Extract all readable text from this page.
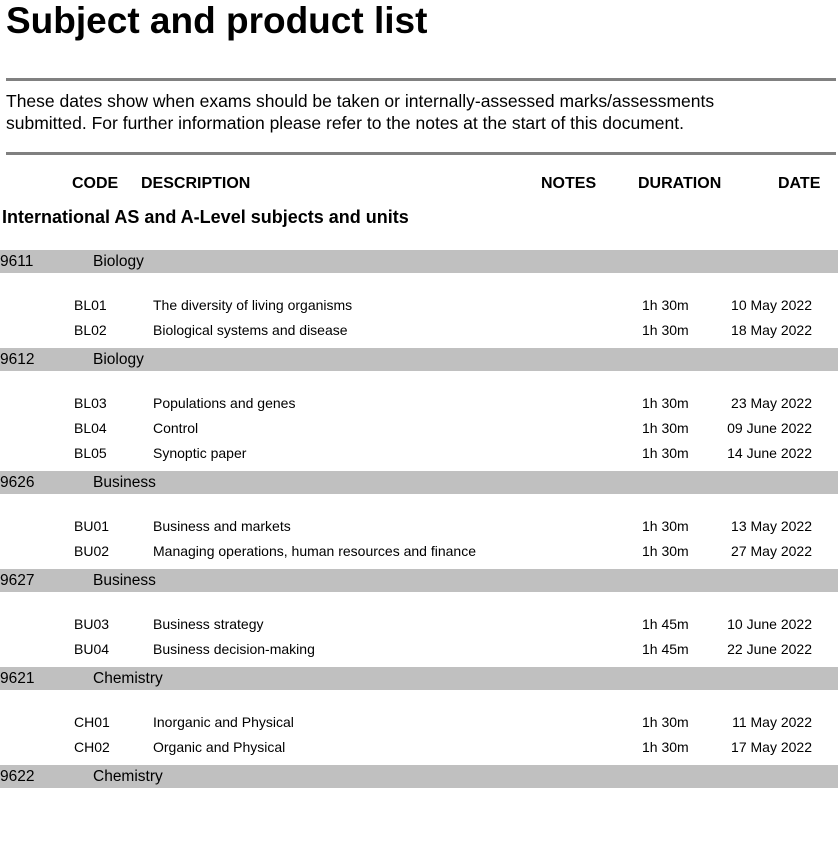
Subject and product list
These dates show when exams should be taken or internally-assessed marks/assessments
submitted. For further information please refer to the notes at the start of this document.
CODE DESCRIPTION	NOTES	DURATION	DATE
International AS and A-Level subjects and units
9611	Biology
BL01	The diversity of living organisms	1h 30m	10 May 2022
BL02	Biological systems and disease	1h 30m	18 May 2022
9612	Biology
BL03	Populations and genes	1h 30m	23 May 2022
BL04	Control	1h 30m	09 June 2022
BL05	Synoptic paper	1h 30m	14 June 2022
9626	Business
BU01	Business and markets	1h 30m	13 May 2022
BU02	Managing operations, human resources and finance	1h 30m	27 May 2022
9627	Business
BU03	Business strategy	1h 45m	10 June 2022
BU04	Business decision-making	1h 45m	22 June 2022
9621	Chemistry
CH01	Inorganic and Physical	1h 30m	11 May 2022
CH02	Organic and Physical	1h 30m	17 May 2022
9622	Chemistry
